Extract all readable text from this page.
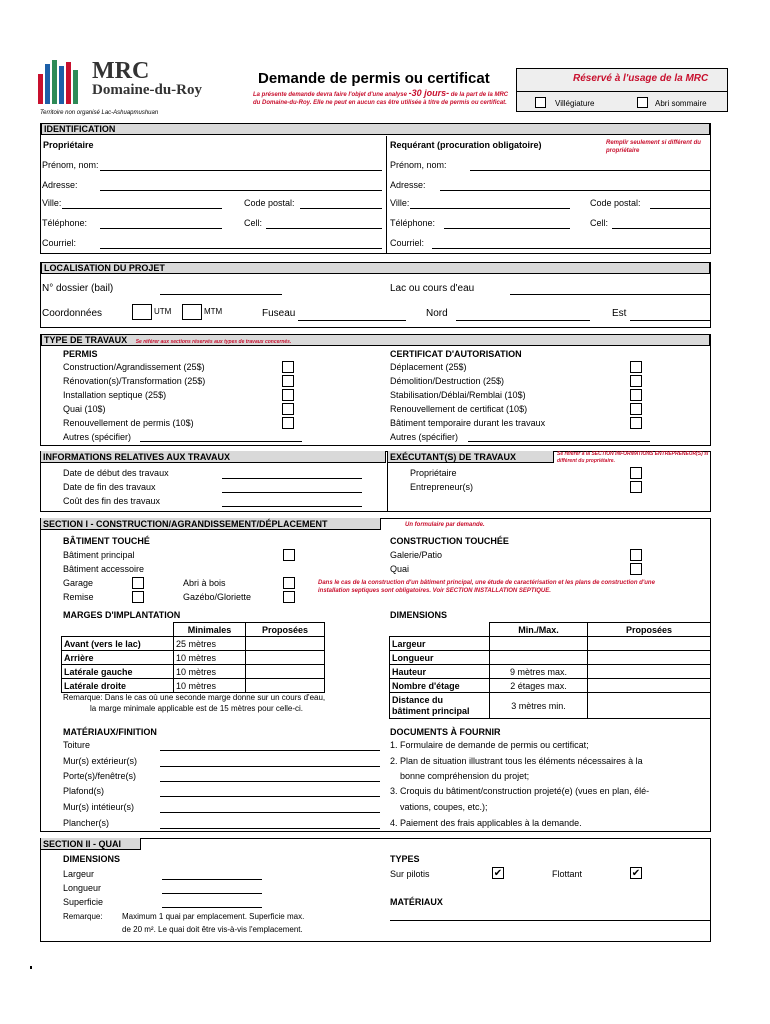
MRC
Domaine-du-Roy
Territoire non organisé Lac-Ashuapmushuan
Demande de permis ou certificat
La présente demande devra faire l'objet d'une analyse -30 jours- de la part de la MRC du Domaine-du-Roy. Elle ne peut en aucun cas être utilisée à titre de permis ou certificat.
Réservé à l'usage de la MRC
Villégiature	Abri sommaire
IDENTIFICATION
Propriétaire	Requérant (procuration obligatoire)	Remplir seulement si différent du propriétaire
Prénom, nom:	Prénom, nom:
Adresse:	Adresse:
Ville:	Code postal:	Ville:	Code postal:
Téléphone:	Cell:	Téléphone:	Cell:
Courriel:	Courriel:
LOCALISATION DU PROJET
N° dossier (bail)	Lac ou cours d'eau
Coordonnées	UTM	MTM	Fuseau	Nord	Est
TYPE DE TRAVAUX Se référer aux sections réservés aux types de travaux concernés.
PERMIS
Construction/Agrandissement (25$)
Rénovation(s)/Transformation (25$)
Installation septique (25$)
Quai (10$)
Renouvellement de permis (10$)
Autres (spécifier)
CERTIFICAT D'AUTORISATION
Déplacement (25$)
Démolition/Destruction (25$)
Stabilisation/Déblai/Remblai (10$)
Renouvellement de certificat (10$)
Bâtiment temporaire durant les travaux
Autres (spécifier)
INFORMATIONS RELATIVES AUX TRAVAUX	EXÉCUTANT(S) DE TRAVAUX	Se référer à la SECTION INFORMATIONS ENTREPRENEUR(S) si différent du propriétaire.
Date de début des travaux
Date de fin des travaux
Coût des fin des travaux
Propriétaire
Entrepreneur(s)
SECTION I - CONSTRUCTION/AGRANDISSEMENT/DÉPLACEMENT	Un formulaire par demande.
BÂTIMENT TOUCHÉ
Bâtiment principal
Bâtiment accessoire
Garage	Abri à bois
Remise	Gazébo/Gloriette
CONSTRUCTION TOUCHÉE
Galerie/Patio
Quai
Dans le cas de la construction d'un bâtiment principal, une étude de caractérisation et les plans de construction d'une installation septiques sont obligatoires. Voir SECTION INSTALLATION SEPTIQUE.
MARGES D'IMPLANTATION
	Minimales	Proposées
Avant (vers le lac)	25 mètres	
Arrière	10 mètres	
Latérale gauche	10 mètres	
Latérale droite	10 mètres	
Remarque: Dans le cas où une seconde marge donne sur un cours d'eau,
la marge minimale applicable est de 15 mètres pour celle-ci.
DIMENSIONS
	Min./Max.	Proposées
Largeur		
Longueur		
Hauteur	9 mètres max.	
Nombre d'étage	2 étages max.	

Distance du
bâtiment principal	3 mètres min.	
MATÉRIAUX/FINITION
Toiture
Mur(s) extérieur(s)
Porte(s)/fenêtre(s)
Plafond(s)
Mur(s) intétieur(s)
Plancher(s)
DOCUMENTS À FOURNIR
1. Formulaire de demande de permis ou certificat;
2. Plan de situation illustrant tous les éléments nécessaires à la
bonne compréhension du projet;
3. Croquis du bâtiment/construction projeté(e) (vues en plan, élé-
vations, coupes, etc.);
4. Paiement des frais applicables à la demande.
SECTION II - QUAI
DIMENSIONS
Largeur
Longueur
Superficie
Remarque: Maximum 1 quai par emplacement. Superficie max.
de 20 m². Le quai doit être vis-à-vis l'emplacement.
TYPES
Sur pilotis	✔	Flottant	✔
MATÉRIAUX
